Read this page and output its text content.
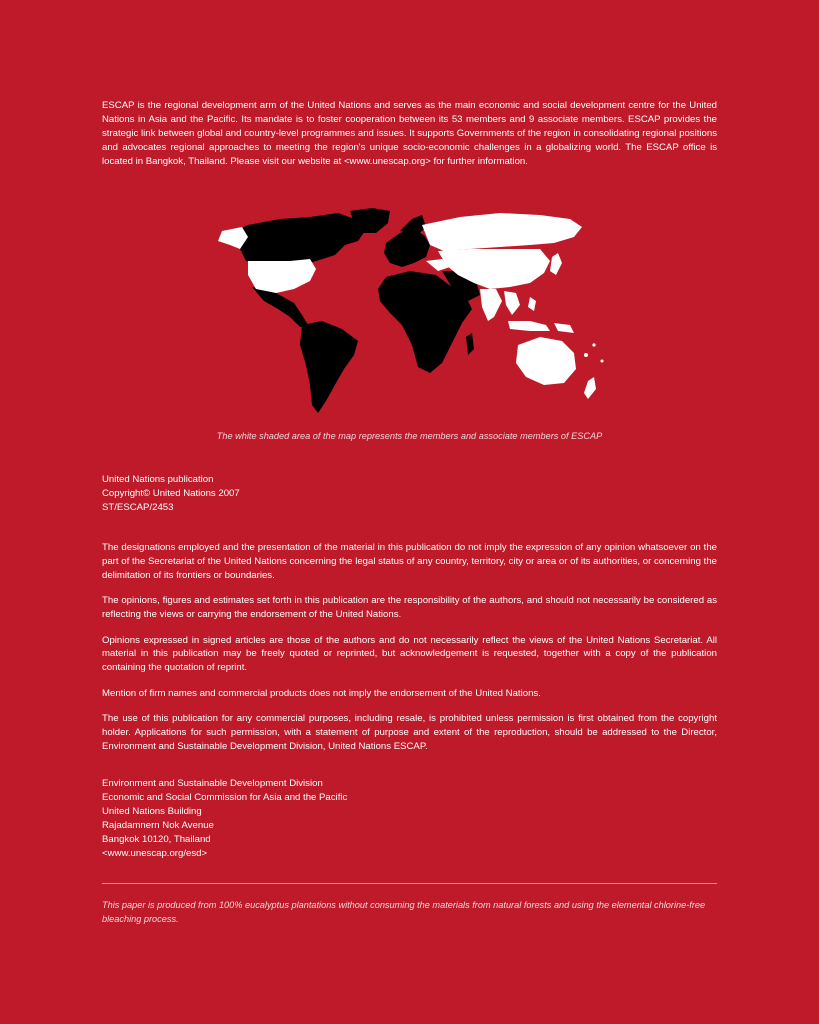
ESCAP is the regional development arm of the United Nations and serves as the main economic and social development centre for the United Nations in Asia and the Pacific. Its mandate is to foster cooperation between its 53 members and 9 associate members. ESCAP provides the strategic link between global and country-level programmes and issues. It supports Governments of the region in consolidating regional positions and advocates regional approaches to meeting the region's unique socio-economic challenges in a globalizing world. The ESCAP office is located in Bangkok, Thailand. Please visit our website at <www.unescap.org> for further information.

The white shaded area of the map represents the members and associate members of ESCAP
United Nations publication
Copyright© United Nations 2007
ST/ESCAP/2453

The designations employed and the presentation of the material in this publication do not imply the expression of any opinion whatsoever on the part of the Secretariat of the United Nations concerning the legal status of any country, territory, city or area or of its authorities, or concerning the delimitation of its frontiers or boundaries.

The opinions, figures and estimates set forth in this publication are the responsibility of the authors, and should not necessarily be considered as reflecting the views or carrying the endorsement of the United Nations.

Opinions expressed in signed articles are those of the authors and do not necessarily reflect the views of the United Nations Secretariat. All material in this publication may be freely quoted or reprinted, but acknowledgement is requested, together with a copy of the publication containing the quotation of reprint.

Mention of firm names and commercial products does not imply the endorsement of the United Nations.

The use of this publication for any commercial purposes, including resale, is prohibited unless permission is first obtained from the copyright holder. Applications for such permission, with a statement of purpose and extent of the reproduction, should be addressed to the Director, Environment and Sustainable Development Division, United Nations ESCAP.

Environment and Sustainable Development Division
Economic and Social Commission for Asia and the Pacific
United Nations Building
Rajadamnern Nok Avenue
Bangkok 10120, Thailand
<www.unescap.org/esd>
This paper is produced from 100% eucalyptus plantations without consuming the materials from natural forests and using the elemental chlorine-free bleaching process.
